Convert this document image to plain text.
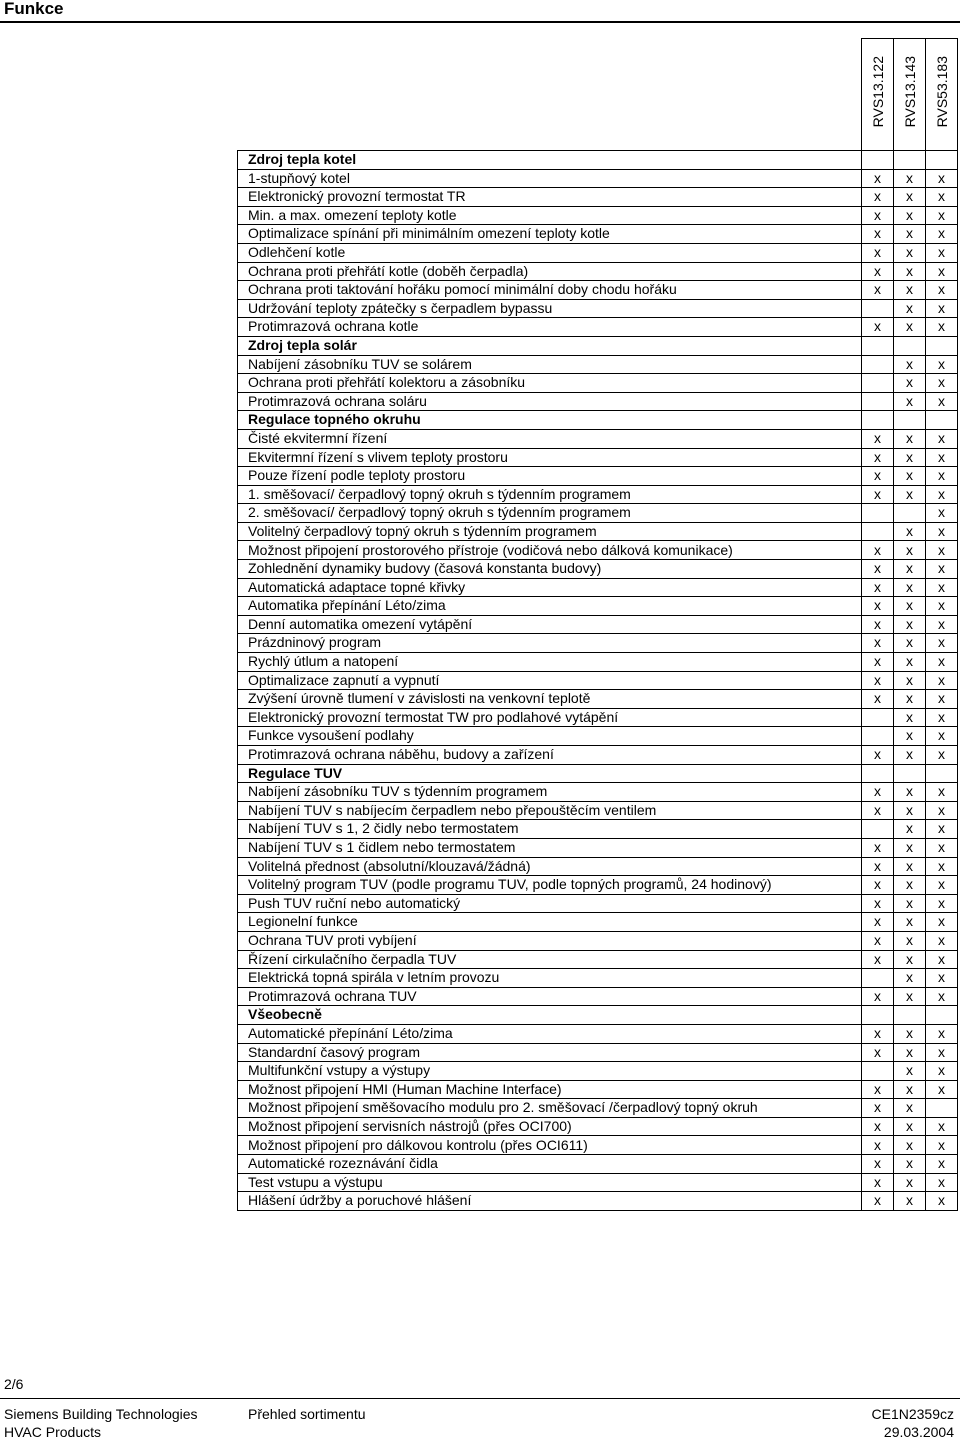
Funkce
	RVS13.122	RVS13.143	RVS53.183
Zdroj tepla kotel			
1-stupňový kotel	x	x	x
Elektronický provozní termostat TR	x	x	x
Min. a max. omezení teploty kotle	x	x	x
Optimalizace spínání při minimálním omezení teploty kotle	x	x	x
Odlehčení kotle	x	x	x
Ochrana proti přehřátí kotle (doběh čerpadla)	x	x	x
Ochrana proti taktování hořáku pomocí minimální doby chodu hořáku	x	x	x
Udržování teploty zpátečky s čerpadlem bypassu		x	x
Protimrazová ochrana kotle	x	x	x
Zdroj tepla solár			
Nabíjení zásobníku TUV se solárem		x	x
Ochrana proti přehřátí kolektoru a zásobníku		x	x
Protimrazová ochrana soláru		x	x
Regulace topného okruhu			
Čisté ekvitermní řízení	x	x	x
Ekvitermní řízení s vlivem teploty prostoru	x	x	x
Pouze řízení podle teploty prostoru	x	x	x
1. směšovací/ čerpadlový topný okruh s týdenním programem	x	x	x
2. směšovací/ čerpadlový topný okruh s týdenním programem			x
Volitelný čerpadlový topný okruh s týdenním programem		x	x
Možnost připojení prostorového přístroje (vodičová nebo dálková komunikace)	x	x	x
Zohlednění dynamiky budovy (časová konstanta budovy)	x	x	x
Automatická adaptace topné křivky	x	x	x
Automatika přepínání Léto/zima	x	x	x
Denní automatika omezení vytápění	x	x	x
Prázdninový program	x	x	x
Rychlý útlum a natopení	x	x	x
Optimalizace zapnutí a vypnutí	x	x	x
Zvýšení úrovně tlumení v závislosti na venkovní teplotě	x	x	x
Elektronický provozní termostat TW pro podlahové vytápění		x	x
Funkce vysoušení podlahy		x	x
Protimrazová ochrana náběhu, budovy a zařízení	x	x	x
Regulace TUV			
Nabíjení zásobníku TUV s týdenním programem	x	x	x
Nabíjení TUV s nabíjecím čerpadlem nebo přepouštěcím ventilem	x	x	x
Nabíjení TUV s 1, 2 čidly nebo termostatem		x	x
Nabíjení TUV s 1 čidlem nebo termostatem	x	x	x
Volitelná přednost (absolutní/klouzavá/žádná)	x	x	x
Volitelný program TUV (podle programu TUV, podle topných programů, 24 hodinový)	x	x	x
Push TUV ruční nebo automatický	x	x	x
Legionelní funkce	x	x	x
Ochrana TUV proti vybíjení	x	x	x
Řízení cirkulačního čerpadla TUV	x	x	x
Elektrická topná spirála v letním provozu		x	x
Protimrazová ochrana TUV	x	x	x
Všeobecně			
Automatické přepínání Léto/zima	x	x	x
Standardní časový program	x	x	x
Multifunkční vstupy a výstupy		x	x
Možnost připojení HMI (Human Machine Interface)	x	x	x
Možnost připojení směšovacího modulu pro 2. směšovací /čerpadlový topný okruh	x	x	
Možnost připojení servisních nástrojů (přes OCI700)	x	x	x
Možnost připojení pro dálkovou kontrolu (přes OCI611)	x	x	x
Automatické rozeznávání čidla	x	x	x
Test vstupu a výstupu	x	x	x
Hlášení údržby a poruchové hlášení	x	x	x
2/6
Siemens Building Technologies
HVAC Products
Přehled sortimentu	CE1N2359cz
29.03.2004
